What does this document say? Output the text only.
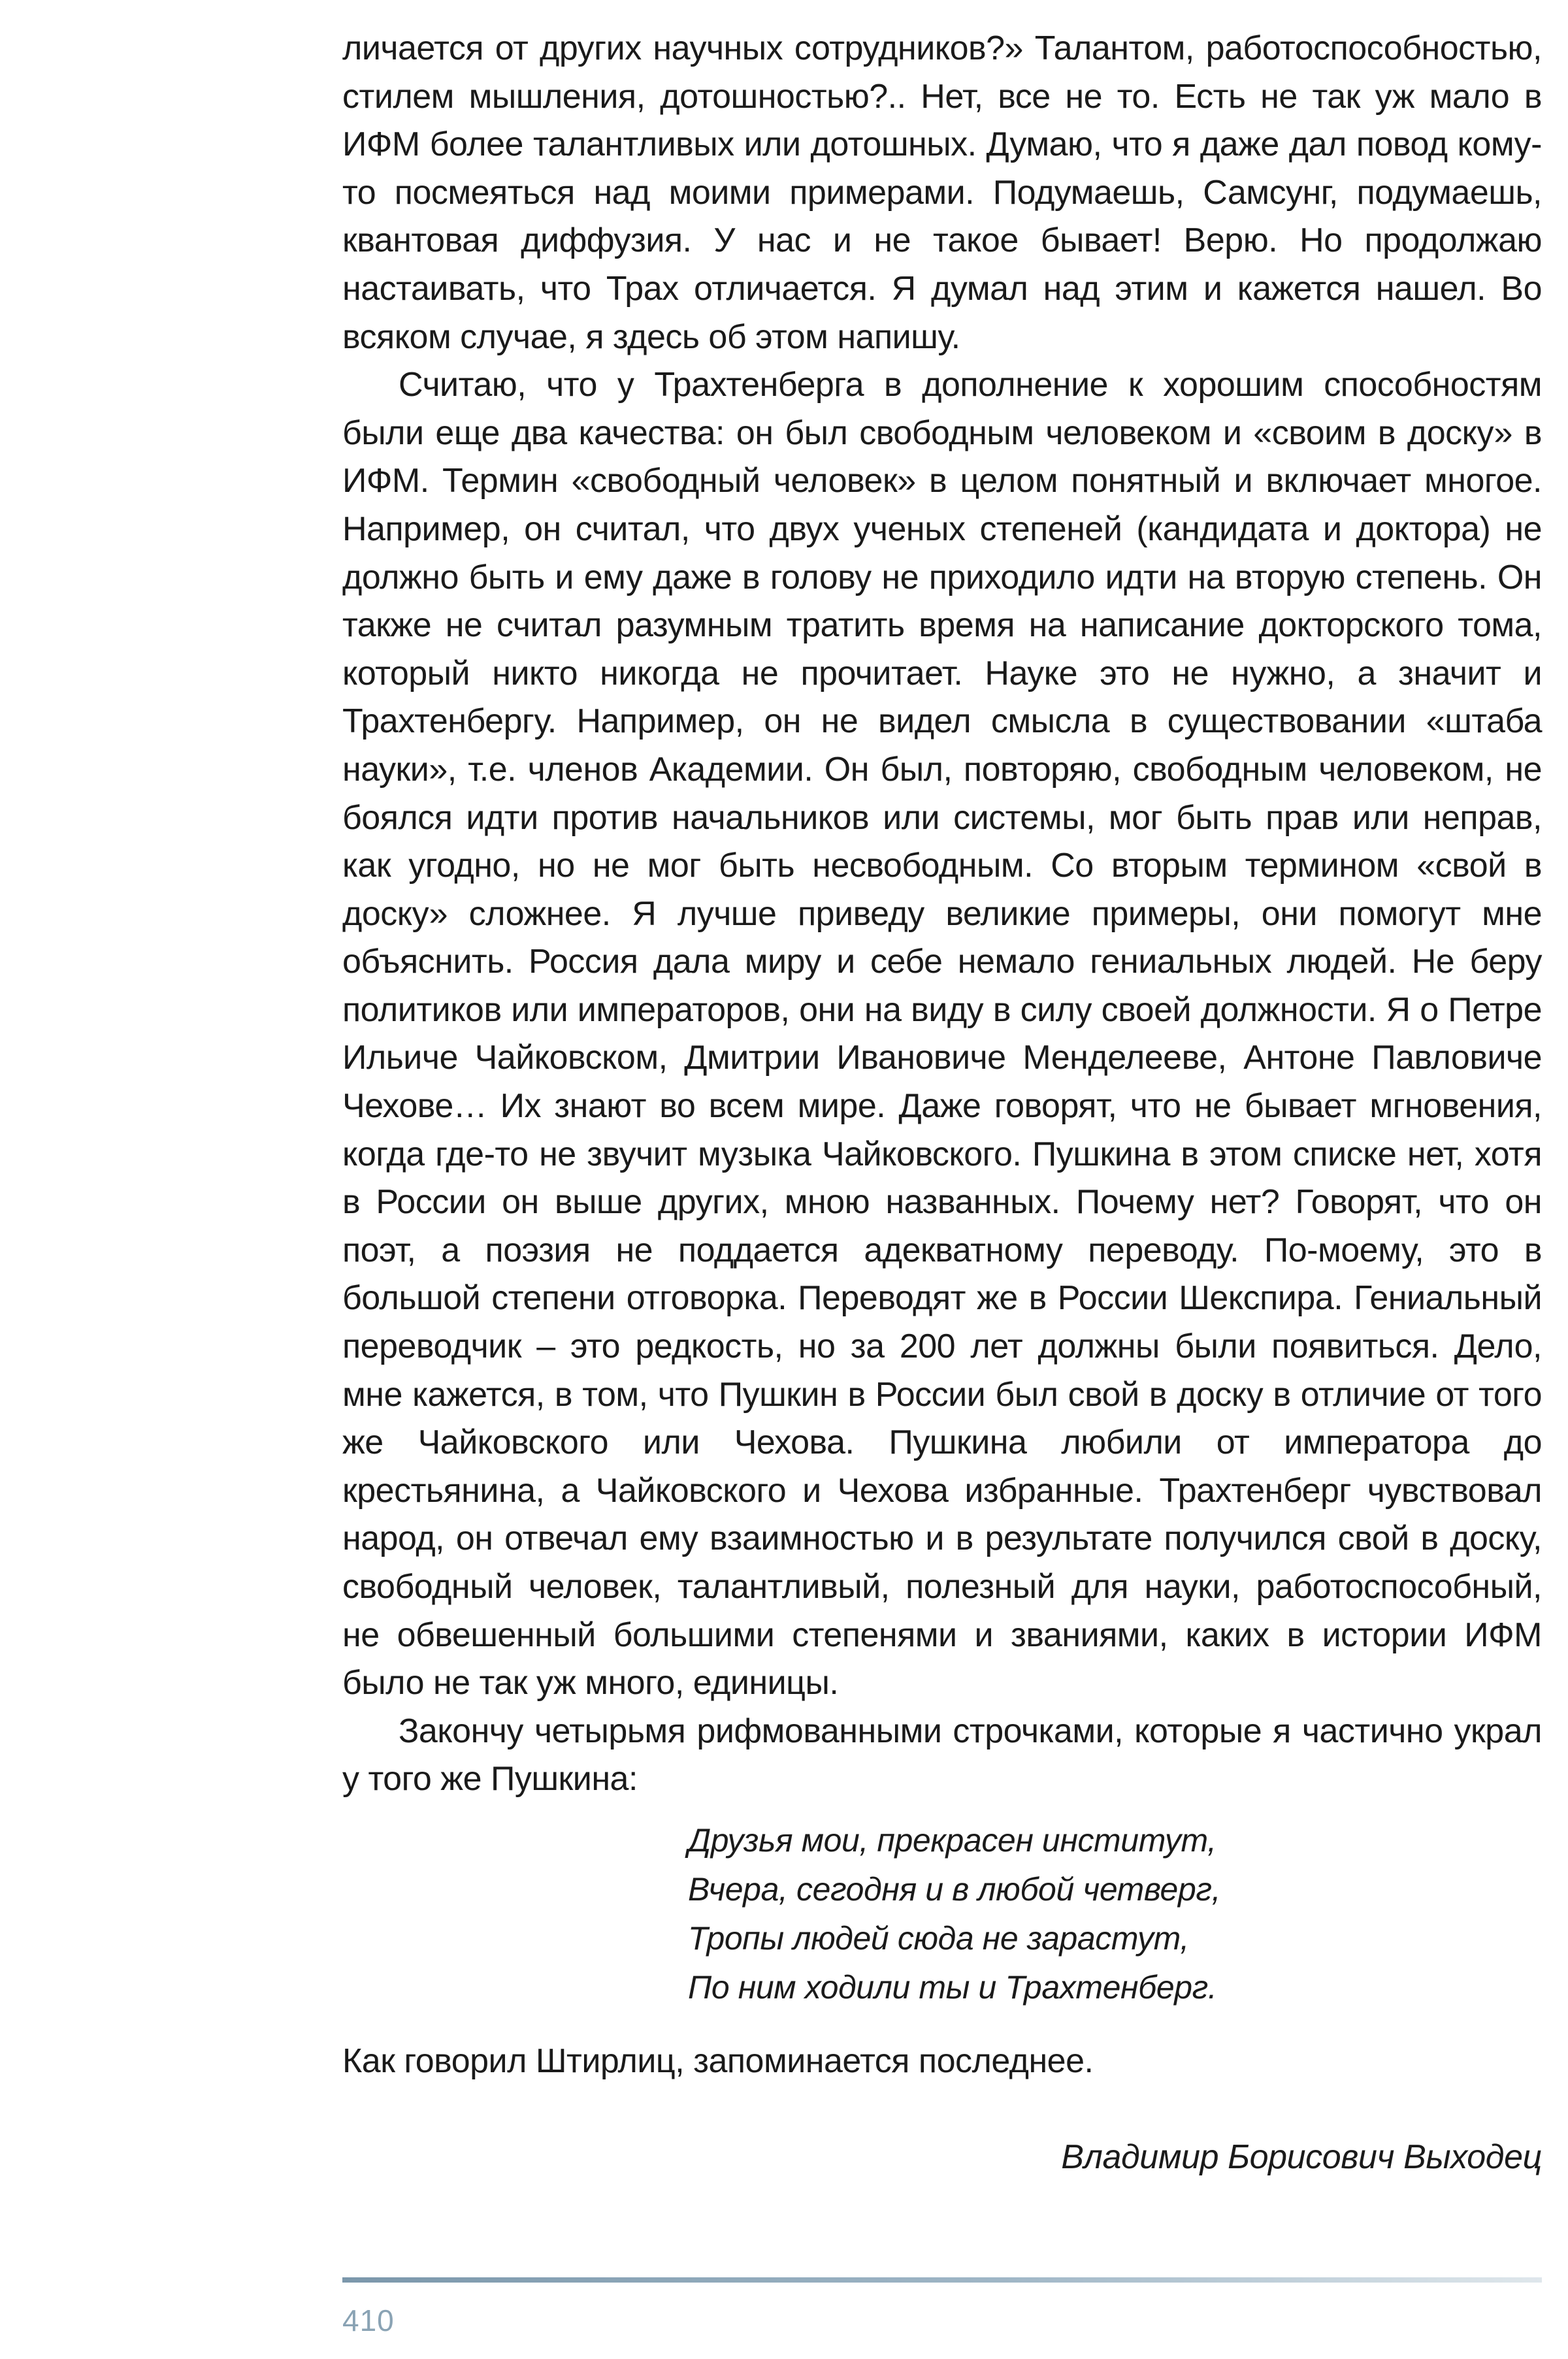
личается от других научных сотрудников?» Талантом, работоспособностью, стилем мышления, дотошностью?.. Нет, все не то. Есть не так уж мало в ИФМ более талантливых или дотошных. Думаю, что я даже дал повод кому-то посмеяться над моими примерами. Подумаешь, Самсунг, подумаешь, квантовая диффузия. У нас и не такое бывает! Верю. Но продолжаю настаивать, что Трах отличается. Я думал над этим и кажется нашел. Во всяком случае, я здесь об этом напишу.

Считаю, что у Трахтенберга в дополнение к хорошим способностям были еще два качества: он был свободным человеком и «своим в доску» в ИФМ. Термин «свободный человек» в целом понятный и включает многое. Например, он считал, что двух ученых степеней (кандидата и доктора) не должно быть и ему даже в голову не приходило идти на вторую степень. Он также не считал разумным тратить время на написание докторского тома, который никто никогда не прочитает. Науке это не нужно, а значит и Трахтенбергу. Например, он не видел смысла в существовании «штаба науки», т.е. членов Академии. Он был, повторяю, свободным человеком, не боялся идти против начальников или системы, мог быть прав или неправ, как угодно, но не мог быть несвободным. Со вторым термином «свой в доску» сложнее. Я лучше приведу великие примеры, они помогут мне объяснить. Россия дала миру и себе немало гениальных людей. Не беру политиков или императоров, они на виду в силу своей должности. Я о Петре Ильиче Чайковском, Дмитрии Ивановиче Менделееве, Антоне Павловиче Чехове… Их знают во всем мире. Даже говорят, что не бывает мгновения, когда где-то не звучит музыка Чайковского. Пушкина в этом списке нет, хотя в России он выше других, мною названных. Почему нет? Говорят, что он поэт, а поэзия не поддается адекватному переводу. По-моему, это в большой степени отговорка. Переводят же в России Шекспира. Гениальный переводчик – это редкость, но за 200 лет должны были появиться. Дело, мне кажется, в том, что Пушкин в России был свой в доску в отличие от того же Чайковского или Чехова. Пушкина любили от императора до крестьянина, а Чайковского и Чехова избранные. Трахтенберг чувствовал народ, он отвечал ему взаимностью и в результате получился свой в доску, свободный человек, талантливый, полезный для науки, работоспособный, не обвешенный большими степенями и званиями, каких в истории ИФМ было не так уж много, единицы.

Закончу четырьмя рифмованными строчками, которые я частично украл у того же Пушкина:

Друзья мои, прекрасен институт,
Вчера, сегодня и в любой четверг,
Тропы людей сюда не зарастут,
По ним ходили ты и Трахтенберг.
Как говорил Штирлиц, запоминается последнее.
Владимир Борисович Выходец
410
